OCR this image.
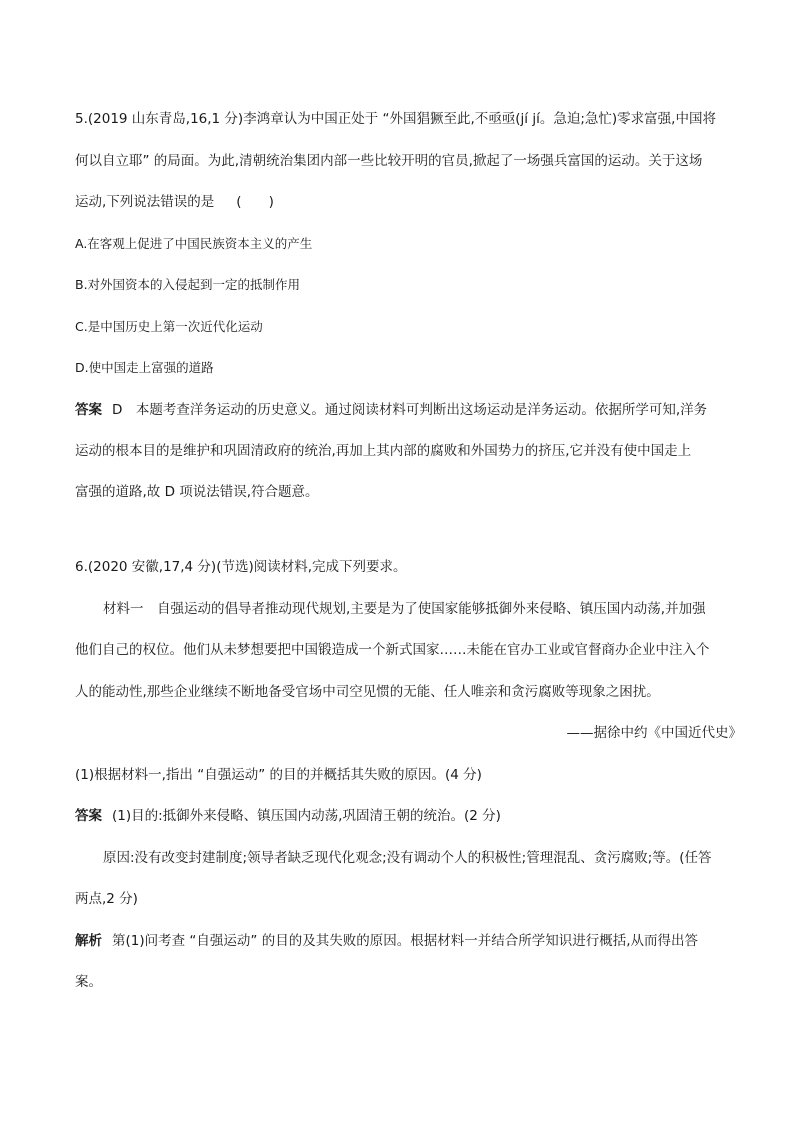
5.(2019 山东青岛,16,1 分)李鸿章认为中国正处于 “外国猖獗至此,不亟亟(jí jí。急迫;急忙)零求富强,中国将
何以自立耶” 的局面。为此,清朝统治集团内部一些比较开明的官员,掀起了一场强兵富国的运动。关于这场
运动,下列说法错误的是 (　　)
A.在客观上促进了中国民族资本主义的产生
B.对外国资本的入侵起到一定的抵制作用
C.是中国历史上第一次近代化运动
D.使中国走上富强的道路
答案 D　本题考查洋务运动的历史意义。通过阅读材料可判断出这场运动是洋务运动。依据所学可知,洋务
运动的根本目的是维护和巩固清政府的统治,再加上其内部的腐败和外国势力的挤压,它并没有使中国走上
富强的道路,故 D 项说法错误,符合题意。
6.(2020 安徽,17,4 分)(节选)阅读材料,完成下列要求。
材料一　自强运动的倡导者推动现代规划,主要是为了使国家能够抵御外来侵略、镇压国内动荡,并加强
他们自己的权位。他们从未梦想要把中国锻造成一个新式国家……未能在官办工业或官督商办企业中注入个
人的能动性,那些企业继续不断地备受官场中司空见惯的无能、任人唯亲和贪污腐败等现象之困扰。
——据徐中约《中国近代史》
(1)根据材料一,指出 “自强运动” 的目的并概括其失败的原因。(4 分)
答案 (1)目的:抵御外来侵略、镇压国内动荡,巩固清王朝的统治。(2 分)
原因:没有改变封建制度;领导者缺乏现代化观念;没有调动个人的积极性;管理混乱、贪污腐败;等。(任答
两点,2 分)
解析 第(1)问考查 “自强运动” 的目的及其失败的原因。根据材料一并结合所学知识进行概括,从而得出答
案。
